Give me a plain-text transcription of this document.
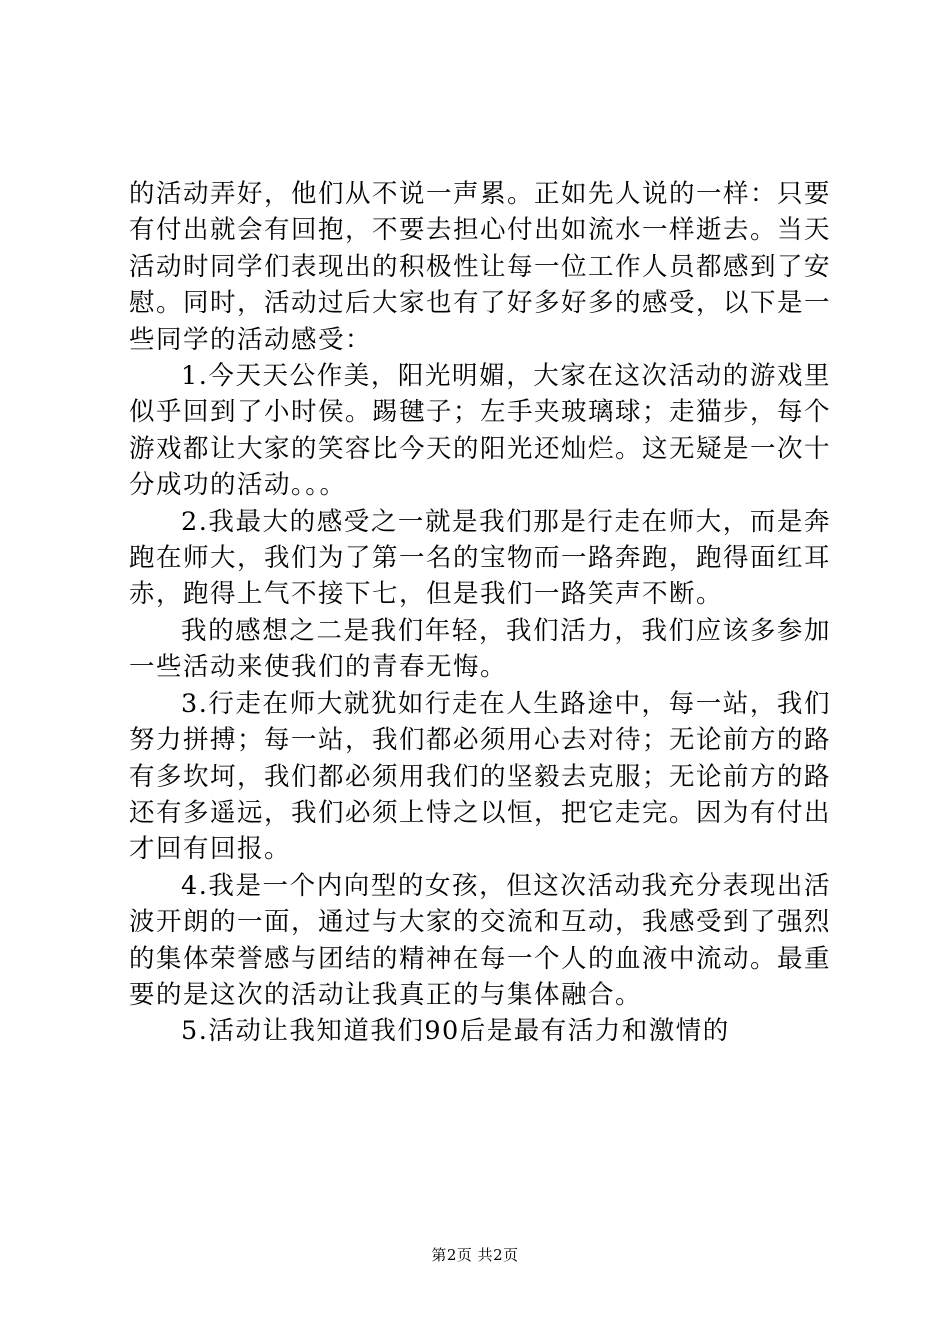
的活动弄好，他们从不说一声累。正如先人说的一样：只要有付出就会有回抱，不要去担心付出如流水一样逝去。当天活动时同学们表现出的积极性让每一位工作人员都感到了安慰。同时，活动过后大家也有了好多好多的感受，以下是一些同学的活动感受：

1.今天天公作美，阳光明媚，大家在这次活动的游戏里似乎回到了小时侯。踢毽子；左手夹玻璃球；走猫步，每个游戏都让大家的笑容比今天的阳光还灿烂。这无疑是一次十分成功的活动。。。

2.我最大的感受之一就是我们那是行走在师大，而是奔跑在师大，我们为了第一名的宝物而一路奔跑，跑得面红耳赤，跑得上气不接下七，但是我们一路笑声不断。

我的感想之二是我们年轻，我们活力，我们应该多参加一些活动来使我们的青春无悔。

3.行走在师大就犹如行走在人生路途中，每一站，我们努力拼搏；每一站，我们都必须用心去对待；无论前方的路有多坎坷，我们都必须用我们的坚毅去克服；无论前方的路还有多遥远，我们必须上恃之以恒，把它走完。因为有付出才回有回报。

4.我是一个内向型的女孩，但这次活动我充分表现出活波开朗的一面，通过与大家的交流和互动，我感受到了强烈的集体荣誉感与团结的精神在每一个人的血液中流动。最重要的是这次的活动让我真正的与集体融合。

5.活动让我知道我们90后是最有活力和激情的

第2页 共2页
